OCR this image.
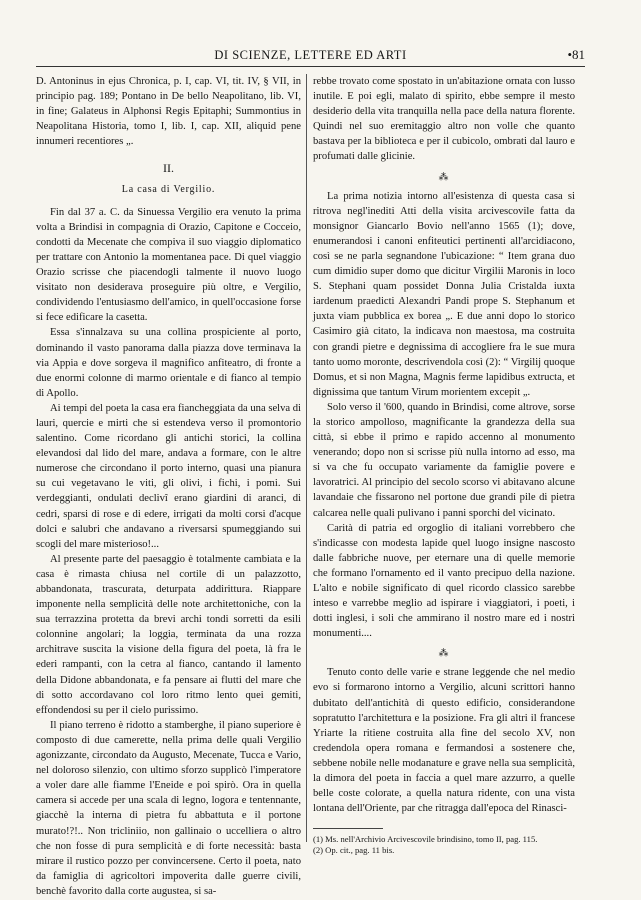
DI SCIENZE, LETTERE ED ARTI	•81

D. Antoninus in ejus Chronica, p. I, cap. VI, tit. IV, § VII, in principio pag. 189; Pontano in De bello Neapolitano, lib. VI, in fine; Galateus in Alphonsi Regis Epitaphi; Summontius in Neapolitana Historia, tomo I, lib. I, cap. XII, aliquid pene innumeri recentiores „.

II.
La casa di Vergilio.

Fin dal 37 a. C. da Sinuessa Vergilio era venuto la prima volta a Brindisi in compagnia di Orazio, Capitone e Cocceio, condotti da Mecenate che compiva il suo viaggio diplomatico per trattare con Antonio la momentanea pace. Di quel viaggio Orazio scrisse che piacendogli talmente il nuovo luogo visitato non desiderava proseguire più oltre, e Vergilio, condividendo l'entusiasmo dell'amico, in quell'occasione forse si fece edificare la casetta.

Essa s'innalzava su una collina prospiciente al porto, dominando il vasto panorama dalla piazza dove terminava la via Appia e dove sorgeva il magnifico anfiteatro, di fronte a due enormi colonne di marmo orientale e di fianco al tempio di Apollo.

Ai tempi del poeta la casa era fiancheggiata da una selva di lauri, quercie e mirti che si estendeva verso il promontorio salentino. Come ricordano gli antichi storici, la collina elevandosi dal lido del mare, andava a formare, con le altre numerose che circondano il porto interno, quasi una pianura su cui vegetavano le viti, gli olivi, i fichi, i pomi. Sui verdeggianti, ondulati declivî erano giardini di aranci, di cedri, sparsi di rose e di edere, irrigati da molti corsi d'acque dolci e salubri che andavano a riversarsi spumeggiando sui scogli del mare misterioso!...

Al presente parte del paesaggio è totalmente cambiata e la casa è rimasta chiusa nel cortile di un palazzotto, abbandonata, trascurata, deturpata addirittura. Riappare imponente nella semplicità delle note architettoniche, con la sua terrazzina protetta da brevi archi tondi sorretti da esili colonnine angolari; la loggia, terminata da una rozza architrave suscita la visione della figura del poeta, là fra le ederi rampanti, con la cetra al fianco, cantando il lamento della Didone abbandonata, e fa pensare ai flutti del mare che di sotto accordavano col loro ritmo lento quei gemiti, effondendosi su per il cielo purissimo.

Il piano terreno è ridotto a stamberghe, il piano superiore è composto di due camerette, nella prima delle quali Vergilio agonizzante, circondato da Augusto, Mecenate, Tucca e Vario, nel doloroso silenzio, con ultimo sforzo supplicò l'imperatore a voler dare alle fiamme l'Eneide e poi spirò. Ora in quella camera si accede per una scala di legno, logora e tentennante, giacchè la interna di pietra fu abbattuta e il portone murato!?!.. Non tricliniio, non gallinaio o uccelliera o altro che non fosse di pura semplicità e di forte necessità: basta mirare il rustico pozzo per convincersene. Certo il poeta, nato da famiglia di agricoltori impoverita dalle guerre civili, benchè favorito dalla corte augustea, si sa-

rebbe trovato come spostato in un'abitazione ornata con lusso inutile. E poi egli, malato di spirito, ebbe sempre il mesto desiderio della vita tranquilla nella pace della natura florente. Quindi nel suo eremitaggio altro non volle che quanto bastava per la biblioteca e per il cubicolo, ombrati dal lauro e profumati dalle glicinie.

⁂

La prima notizia intorno all'esistenza di questa casa si ritrova negl'inediti Atti della visita arcivescovile fatta da monsignor Giancarlo Bovio nell'anno 1565 (1); dove, enumerandosi i canoni enfiteutici pertinenti all'arcidiacono, così se ne parla segnandone l'ubicazione: “ Item grana duo cum dimidio super domo que dicitur Virgilii Maronis in loco S. Stephani quam possidet Donna Julia Cristalda iuxta iardenum praedicti Alexandri Pandi prope S. Stephanum et juxta viam pubblica ex borea „. E due anni dopo lo storico Casimiro già citato, la indicava non maestosa, ma costruita con grandi pietre e degnissima di accogliere fra le sue mura tanto uomo moronte, descrivendola così (2): “ Virgilij quoque Domus, et si non Magna, Magnis ferme lapidibus extructa, et dignissima que tantum Virum morientem excepit „.

Solo verso il '600, quando in Brindisi, come altrove, sorse la storico ampolloso, magnificante la grandezza della sua città, si ebbe il primo e rapido accenno al monumento venerando; dopo non si scrisse più nulla intorno ad esso, ma si va che fu occupato variamente da famiglie povere e lavoratrici. Al principio del secolo scorso vi abitavano alcune lavandaie che fissarono nel portone due grandi pile di pietra calcarea nelle quali pulivano i panni sporchi del vicinato.

Carità di patria ed orgoglio di italiani vorrebbero che s'indicasse con modesta lapide quel luogo insigne nascosto dalle fabbriche nuove, per eternare una di quelle memorie che formano l'ornamento ed il vanto precipuo della nazione. L'alto e nobile significato di quel ricordo classico sarebbe inteso e varrebbe meglio ad ispirare i viaggiatori, i poeti, i dotti inglesi, i soli che ammirano il nostro mare ed i nostri monumenti....

⁂

Tenuto conto delle varie e strane leggende che nel medio evo si formarono intorno a Vergilio, alcuni scrittori hanno dubitato dell'antichità di questo edificio, considerandone sopratutto l'architettura e la posizione. Fra gli altri il francese Yriarte la ritiene costruita alla fine del secolo XV, non credendola opera romana e fermandosi a sostenere che, sebbene nobile nelle modanature e grave nella sua semplicità, la dimora del poeta in faccia a quel mare azzurro, a quelle belle coste colorate, a quella natura ridente, con una vista lontana dell'Oriente, par che ritragga dall'epoca del Rinasci-

(1) Ms. nell'Archivio Arcivescovile brindisino, tomo II, pag. 115.

(2) Op. cit., pag. 11 bis.
